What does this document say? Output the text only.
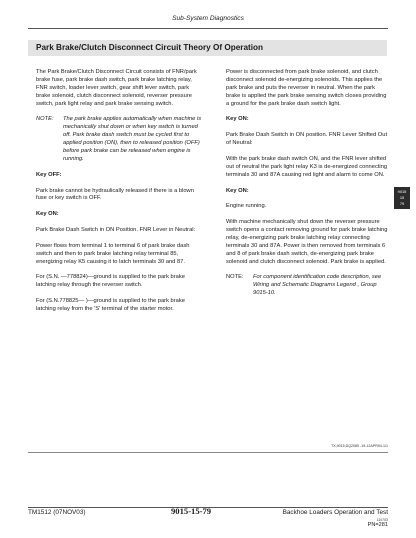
Sub-System Diagnostics
Park Brake/Clutch Disconnect Circuit Theory Of Operation

The Park Brake/Clutch Disconnect Circuit consists of FNR/park brake fuse, park brake dash switch, park brake latching relay, FNR switch, loader lever switch, gear shift lever switch, park brake solenoid, clutch disconnect solenoid, reverser pressure switch, park light relay and park brake sensing switch.

NOTE:	The park brake applies automatically when machine is mechanically shut down or when key switch is turned off. Park brake dash switch must be cycled first to applied position (ON), then to released position (OFF) before park brake can be released when engine is running.
Key OFF:

Park brake cannot be hydraulically released if there is a blown fuse or key switch is OFF.

Key ON:

Park Brake Dash Switch in ON Position. FNR Lever in Neutral:

Power flows from terminal 1 to terminal 6 of park brake dash switch and then to park brake latching relay terminal 85, energizing relay K5 causing it to latch terminals 30 and 87.

For (S.N. —778824)—ground is supplied to the park brake latching relay through the reverser switch.

For (S.N.778825— )—ground is supplied to the park brake latching relay from the 'S' terminal of the starter motor.

Power is disconnected from park brake solenoid, and clutch disconnect solenoid de-energizing solenoids. This applies the park brake and puts the reverser in neutral. When the park brake is applied the park brake sensing switch closes providing a ground for the park brake dash switch light.

Key ON:

Park Brake Dash Switch in ON position. FNR Lever Shifted Out of Neutral:

With the park brake dash switch ON, and the FNR lever shifted out of neutral the park light relay K3 is de-energized connecting terminals 30 and 87A causing red light and alarm to come ON.

Key ON:

Engine running.

With machine mechanically shut down the reverser pressure switch opens a contact removing ground for park brake latching relay, de-energizing park brake latching relay connecting terminals 30 and 87A. Power is then removed from terminals 6 and 8 of park brake dash switch, de-energizing park brake solenoid and clutch disconnect solenoid. Park brake is applied.

NOTE:	For component identification code description, see Wiring and Schematic Diagrams Legend , Group 9015-10.
TX,9015,DQ2085 -19-12APR94-1/1
9015
15
79
TM1512 (07NOV03)	9015-15-79	Backhoe Loaders Operation and Test
110703
PN=281
